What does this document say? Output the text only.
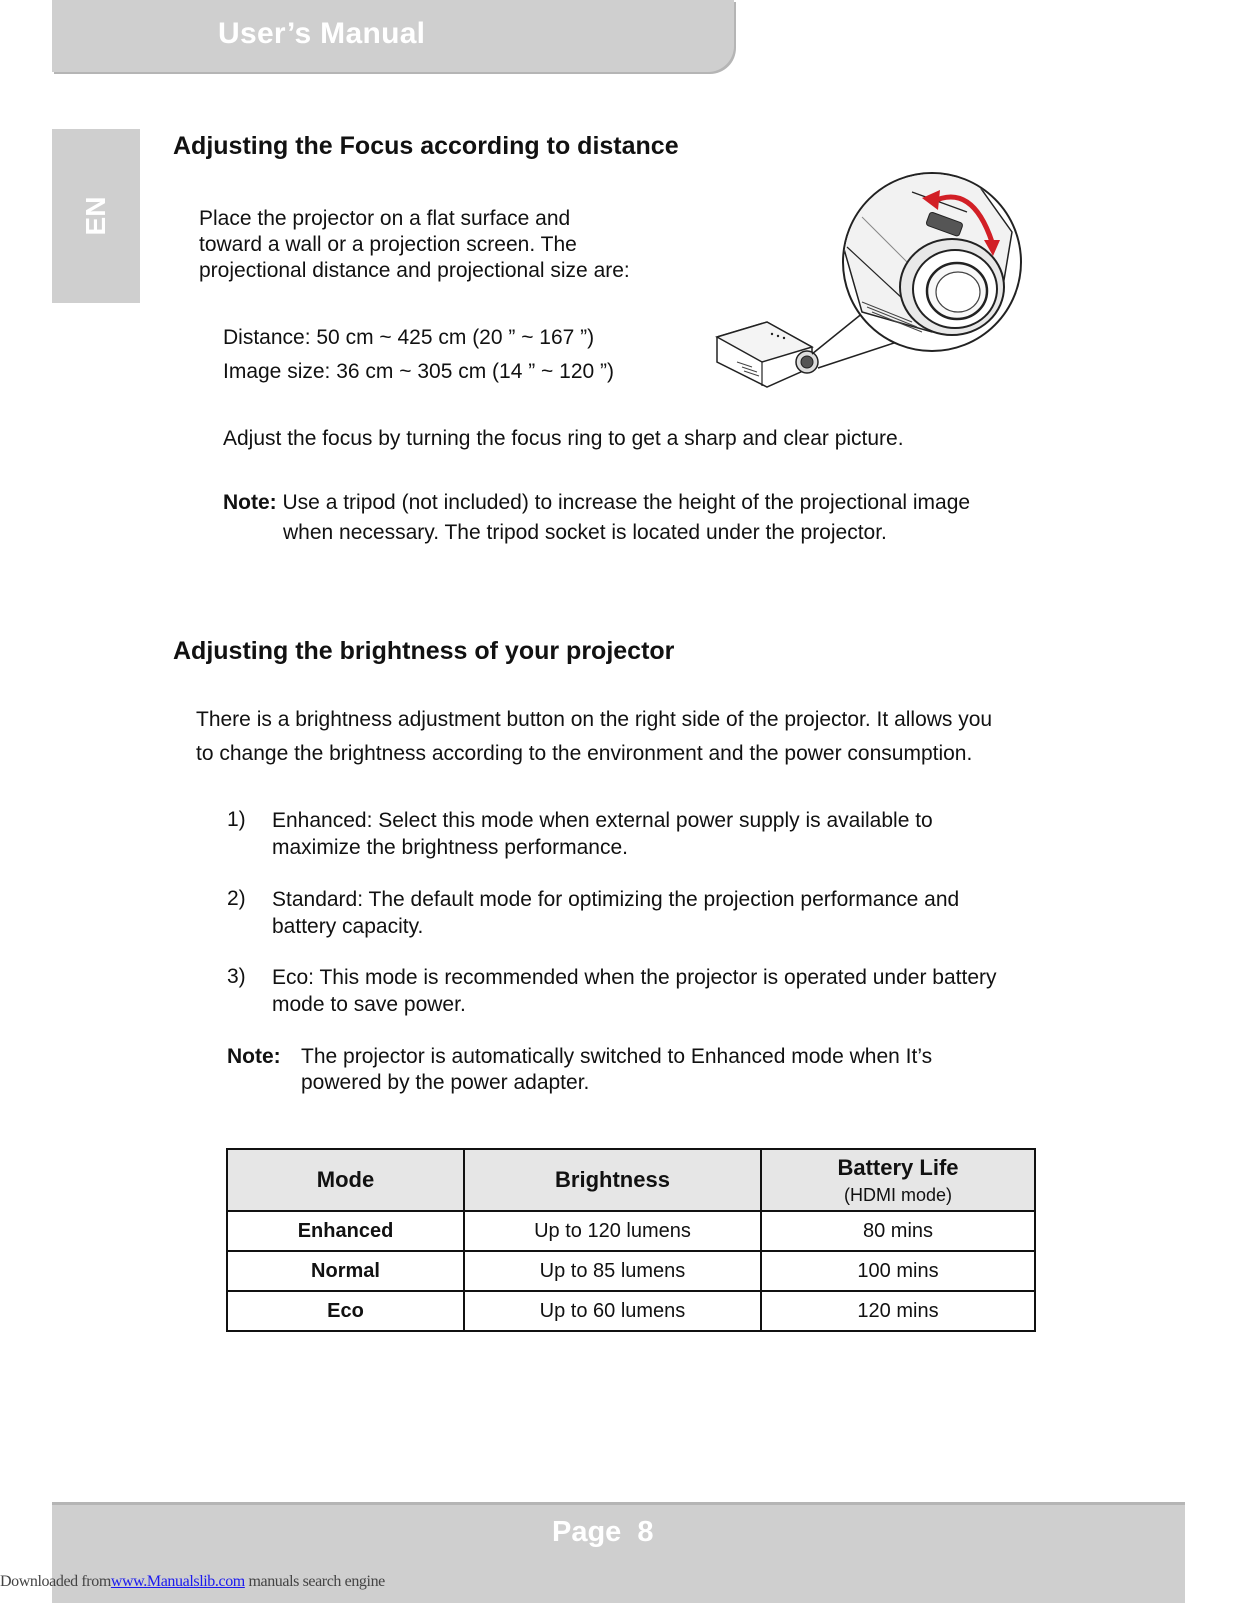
User’s Manual
EN
Adjusting the Focus according to distance
Place the projector on a flat surface and
toward a wall or a projection screen. The
projectional distance and projectional size are:
Distance: 50 cm ~ 425 cm (20 ” ~ 167 ”)
Image size: 36 cm ~ 305 cm (14 ” ~ 120 ”)
Adjust the focus by turning the focus ring to get a sharp and clear picture.
Note: Use a tripod (not included) to increase the height of the projectional image
when necessary. The tripod socket is located under the projector.
Adjusting the brightness of your projector
There is a brightness adjustment button on the right side of the projector. It allows you
to change the brightness according to the environment and the power consumption.
1) Enhanced: Select this mode when external power supply is available to
maximize the brightness performance.
2) Standard: The default mode for optimizing the projection performance and
battery capacity.
3) Eco: This mode is recommended when the projector is operated under battery
mode to save power.
Note: The projector is automatically switched to Enhanced mode when It’s
powered by the power adapter.
Mode	Brightness	Battery Life
(HDMI mode)

Enhanced	Up to 120 lumens	80 mins
Normal	Up to 85 lumens	100 mins
Eco	Up to 60 lumens	120 mins
Page  8
Downloaded fromwww.Manualslib.com manuals search engine
